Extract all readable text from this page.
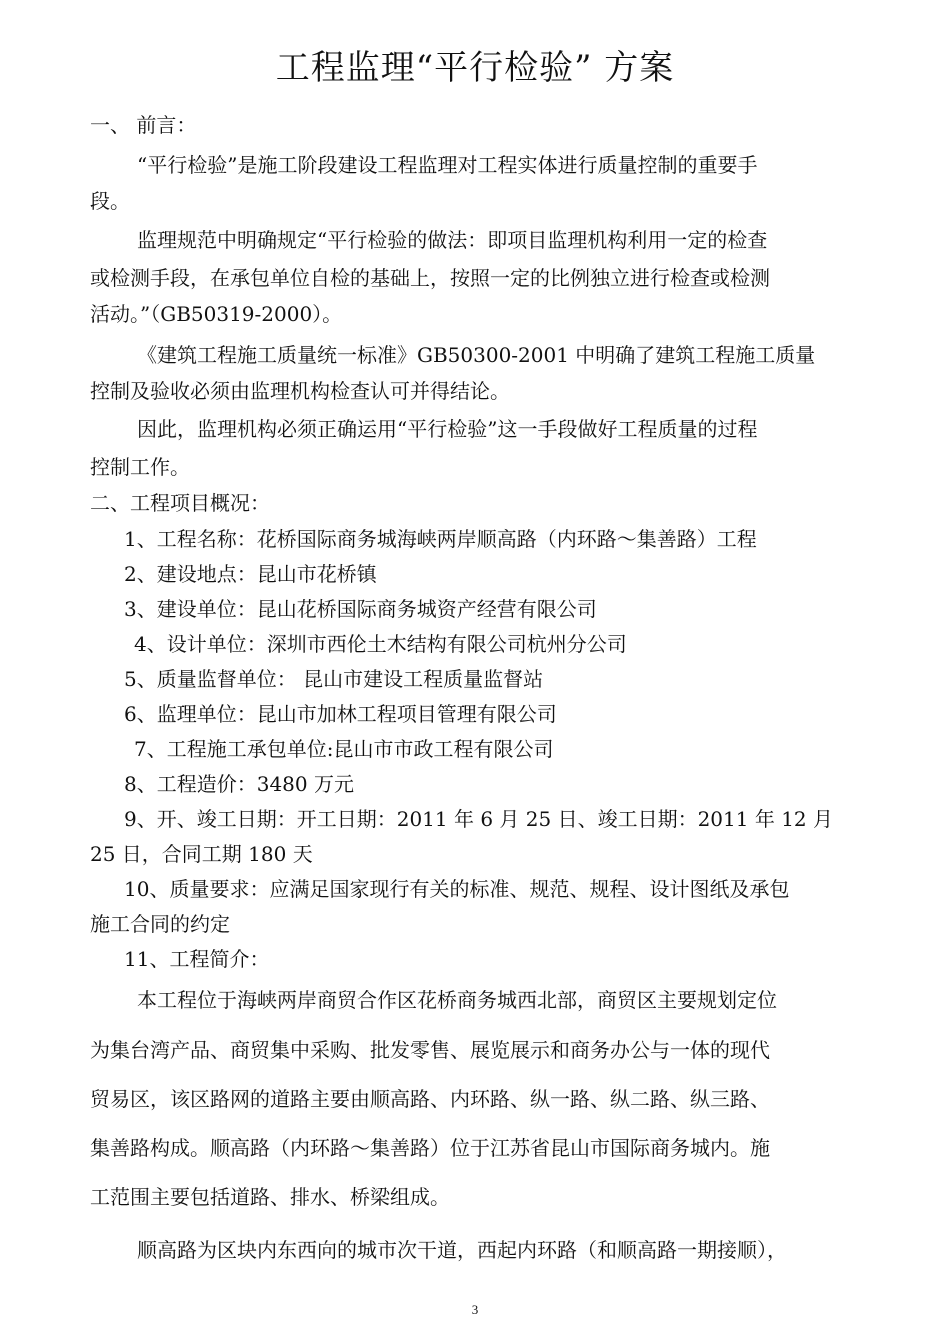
工程监理“平行检验” 方案
一、 前言：
“平行检验”是施工阶段建设工程监理对工程实体进行质量控制的重要手
段。
监理规范中明确规定“平行检验的做法：即项目监理机构利用一定的检查
或检测手段，在承包单位自检的基础上，按照一定的比例独立进行检查或检测
活动。”（GB50319-2000）。
《建筑工程施工质量统一标准》GB50300-2001 中明确了建筑工程施工质量
控制及验收必须由监理机构检查认可并得结论。
因此，监理机构必须正确运用“平行检验”这一手段做好工程质量的过程
控制工作。
二、工程项目概况：
1、工程名称：花桥国际商务城海峡两岸顺高路（内环路～集善路）工程
2、建设地点：昆山市花桥镇
3、建设单位：昆山花桥国际商务城资产经营有限公司
4、设计单位：深圳市西伦土木结构有限公司杭州分公司
5、质量监督单位： 昆山市建设工程质量监督站
6、监理单位：昆山市加林工程项目管理有限公司
7、工程施工承包单位:昆山市市政工程有限公司
8、工程造价：3480 万元
9、开、竣工日期：开工日期：2011 年 6 月 25 日、竣工日期：2011 年 12 月
25 日，合同工期 180 天
10、质量要求：应满足国家现行有关的标准、规范、规程、设计图纸及承包
施工合同的约定
11、工程简介：
本工程位于海峡两岸商贸合作区花桥商务城西北部，商贸区主要规划定位
为集台湾产品、商贸集中采购、批发零售、展览展示和商务办公与一体的现代
贸易区，该区路网的道路主要由顺高路、内环路、纵一路、纵二路、纵三路、
集善路构成。顺高路（内环路～集善路）位于江苏省昆山市国际商务城内。施
工范围主要包括道路、排水、桥梁组成。
顺高路为区块内东西向的城市次干道，西起内环路（和顺高路一期接顺），
3
